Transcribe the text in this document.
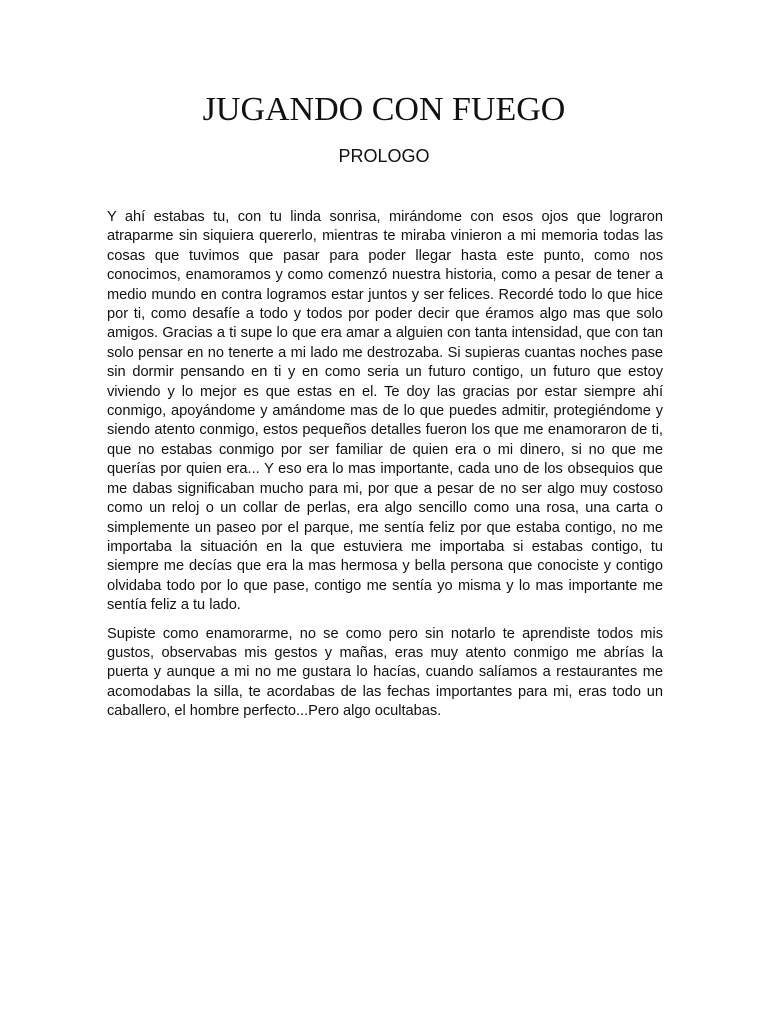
JUGANDO CON FUEGO
PROLOGO

Y ahí estabas tu, con tu linda sonrisa, mirándome con esos ojos que lograron atraparme sin siquiera quererlo, mientras te miraba vinieron a mi memoria todas las cosas que tuvimos que pasar para poder llegar hasta este punto, como nos conocimos, enamoramos y como comenzó nuestra historia, como a pesar de tener a medio mundo en contra logramos estar juntos y ser felices. Recordé todo lo que hice por ti, como desafíe a todo y todos por poder decir que éramos algo mas que solo amigos. Gracias a ti supe lo que era amar a alguien con tanta intensidad, que con tan solo pensar en no tenerte a mi lado me destrozaba. Si supieras cuantas noches pase sin dormir pensando en ti y en como seria un futuro contigo, un futuro que estoy viviendo y lo mejor es que estas en el. Te doy las gracias por estar siempre ahí conmigo, apoyándome y amándome mas de lo que puedes admitir, protegiéndome y siendo atento conmigo, estos pequeños detalles fueron los que me enamoraron de ti, que no estabas conmigo por ser familiar de quien era o mi dinero, si no que me querías por quien era... Y eso era lo mas importante, cada uno de los obsequios que me dabas significaban mucho para mi, por que a pesar de no ser algo muy costoso como un reloj o un collar de perlas, era algo sencillo como una rosa, una carta o simplemente un paseo por el parque, me sentía feliz por que estaba contigo, no me importaba la situación en la que estuviera me importaba si estabas contigo, tu siempre me decías que era la mas hermosa y bella persona que conociste y contigo olvidaba todo por lo que pase, contigo me sentía yo misma y lo mas importante me sentía feliz a tu lado.

Supiste como enamorarme, no se como pero sin notarlo te aprendiste todos mis gustos, observabas mis gestos y mañas, eras muy atento conmigo me abrías la puerta y aunque a mi no me gustara lo hacías, cuando salíamos a restaurantes me acomodabas la silla, te acordabas de las fechas importantes para mi, eras todo un caballero, el hombre perfecto...Pero algo ocultabas.
